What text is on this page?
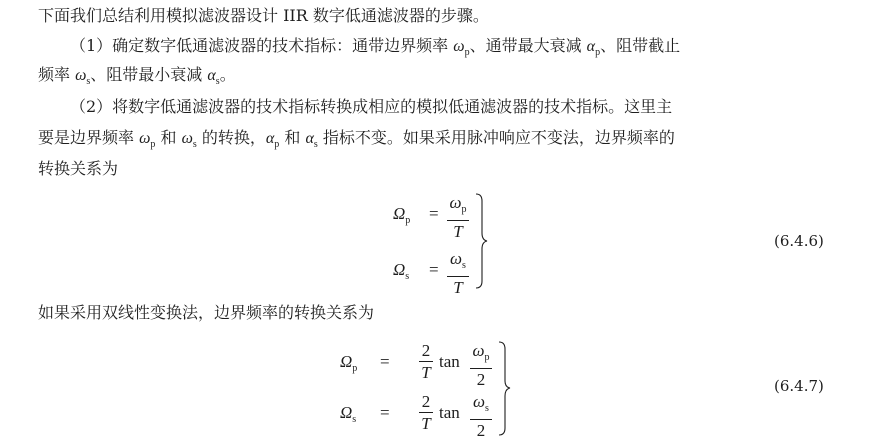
下面我们总结利用模拟滤波器设计 IIR 数字低通滤波器的步骤。
（1）确定数字低通滤波器的技术指标：通带边界频率 $\omega_p$、通带最大衰减 $\alpha_p$、阻带截止
频率 $\omega_s$、阻带最小衰减 $\alpha_s$。
（2）将数字低通滤波器的技术指标转换成相应的模拟低通滤波器的技术指标。这里主
要是边界频率 $\omega_p$ 和 $\omega_s$ 的转换，$\alpha_p$ 和 $\alpha_s$ 指标不变。如果采用脉冲响应不变法，边界频率的
转换关系为
$\Omega_p$ =
$\omega_p$
T
$\Omega_s$ =
$\omega_s$
T
(6.4.6)
如果采用双线性变换法，边界频率的转换关系为
$\Omega_p$ =
2
T
tan
$\omega_p$
2
$\Omega_s$ =
2
T
tan
$\omega_s$
2
(6.4.7)
